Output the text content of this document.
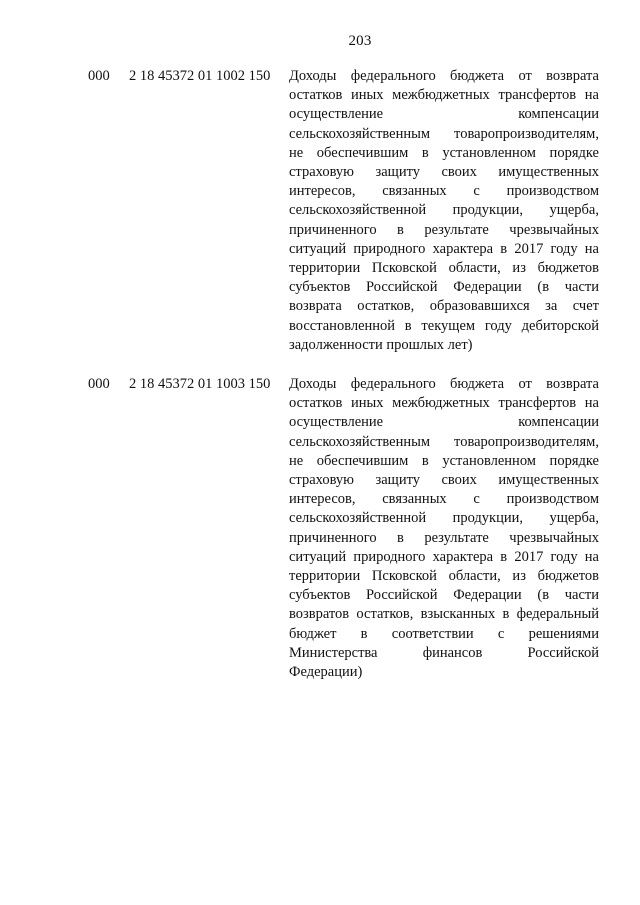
203
000 2 18 45372 01 1002 150 Доходы федерального бюджета от возврата
остатков иных межбюджетных трансфертов на
осуществление компенсации
сельскохозяйственным товаропроизводителям,
не обеспечившим в установленном порядке
страховую защиту своих имущественных
интересов, связанных с производством
сельскохозяйственной продукции, ущерба,
причиненного в результате чрезвычайных
ситуаций природного характера в 2017 году на
территории Псковской области, из бюджетов
субъектов Российской Федерации (в части
возврата остатков, образовавшихся за счет
восстановленной в текущем году дебиторской
задолженности прошлых лет)
000 2 18 45372 01 1003 150 Доходы федерального бюджета от возврата
остатков иных межбюджетных трансфертов на
осуществление компенсации
сельскохозяйственным товаропроизводителям,
не обеспечившим в установленном порядке
страховую защиту своих имущественных
интересов, связанных с производством
сельскохозяйственной продукции, ущерба,
причиненного в результате чрезвычайных
ситуаций природного характера в 2017 году на
территории Псковской области, из бюджетов
субъектов Российской Федерации (в части
возвратов остатков, взысканных в федеральный
бюджет в соответствии с решениями
Министерства финансов Российской
Федерации)
